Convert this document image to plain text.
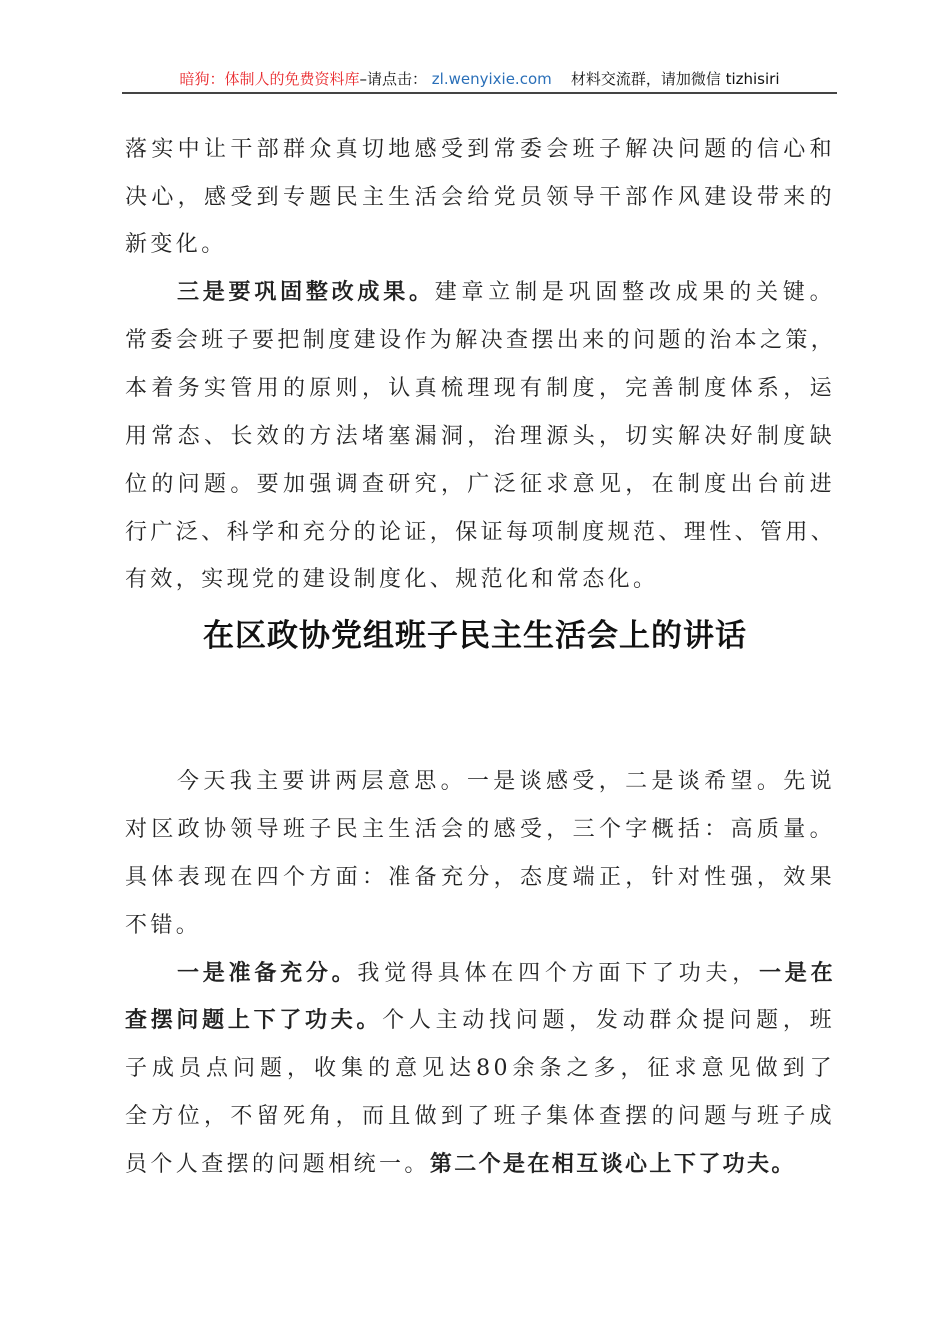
暗狗：体制人的免费资料库–请点击： zl.wenyixie.com 材料交流群，请加微信 tizhisiri
在区政协党组班子民主生活会上的讲话
落实中让干部群众真切地感受到常委会班子解决问题的信心和
决心，感受到专题民主生活会给党员领导干部作风建设带来的
新变化。
三是要巩固整改成果。建章立制是巩固整改成果的关键。
常委会班子要把制度建设作为解决查摆出来的问题的治本之策，
本着务实管用的原则，认真梳理现有制度，完善制度体系，运
用常态、长效的方法堵塞漏洞，治理源头，切实解决好制度缺
位的问题。要加强调查研究，广泛征求意见，在制度出台前进
行广泛、科学和充分的论证，保证每项制度规范、理性、管用、
有效，实现党的建设制度化、规范化和常态化。
今天我主要讲两层意思。一是谈感受，二是谈希望。先说
对区政协领导班子民主生活会的感受，三个字概括：高质量。
具体表现在四个方面：准备充分，态度端正，针对性强，效果
不错。
一是准备充分。我觉得具体在四个方面下了功夫，一是在
查摆问题上下了功夫。个人主动找问题，发动群众提问题，班
子成员点问题，收集的意见达80余条之多，征求意见做到了
全方位，不留死角，而且做到了班子集体查摆的问题与班子成
员个人查摆的问题相统一。第二个是在相互谈心上下了功夫。
